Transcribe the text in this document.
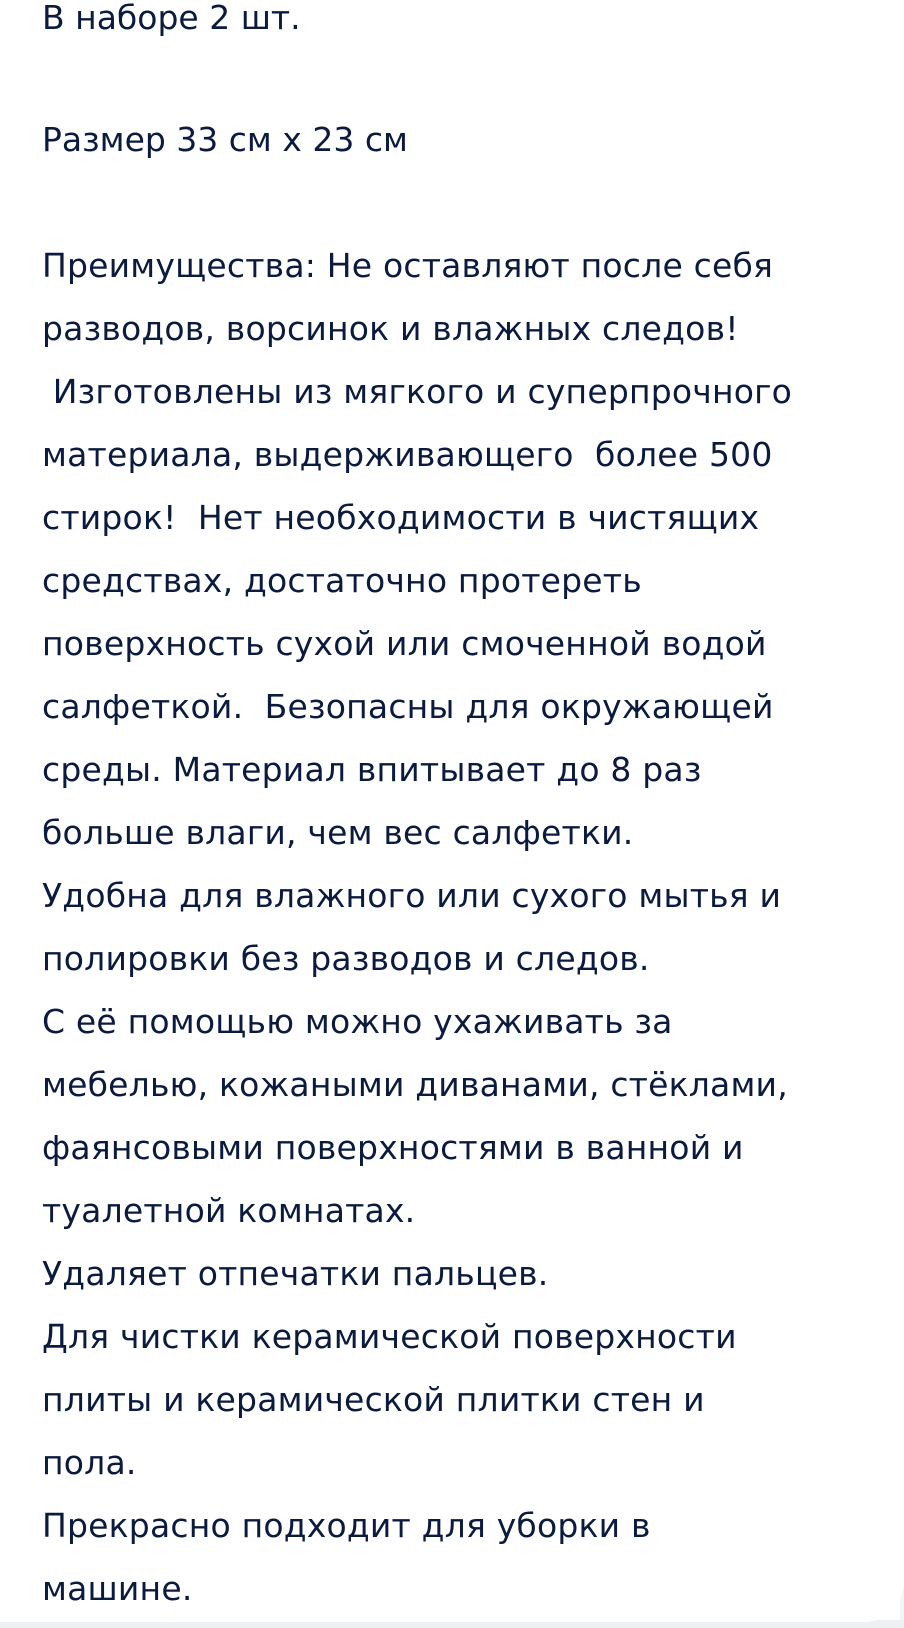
В наборе 2 шт.
Размер 33 см х 23 см
Преимущества: Не оставляют после себя
разводов, ворсинок и влажных следов!
Изготовлены из мягкого и суперпрочного
материала, выдерживающего  более 500
стирок!  Нет необходимости в чистящих
средствах, достаточно протереть
поверхность сухой или смоченной водой
салфеткой.  Безопасны для окружающей
среды. Материал впитывает до 8 раз
больше влаги, чем вес салфетки.
Удобна для влажного или сухого мытья и
полировки без разводов и следов.
С её помощью можно ухаживать за
мебелью, кожаными диванами, стёклами,
фаянсовыми поверхностями в ванной и
туалетной комнатах.
Удаляет отпечатки пальцев.
Для чистки керамической поверхности
плиты и керамической плитки стен и
пола.
Прекрасно подходит для уборки в
машине.
